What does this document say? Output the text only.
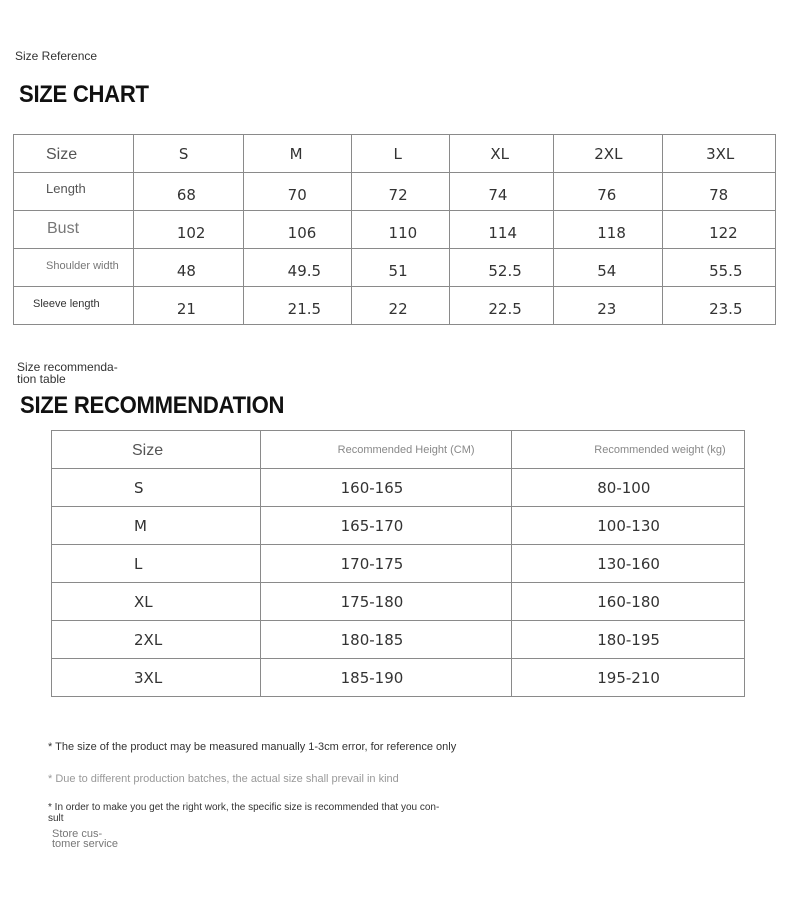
Size Reference
SIZE CHART
Size	S	M	L	XL	2XL	3XL
$^{Length}$	68	70	72	74	76	78
Bust	102	106	110	114	118	122
$^{Shoulder width}$	48	49.5	51	52.5	54	55.5
$^{Sleeve length}$	21	21.5	22	22.5	23	23.5
Size recommenda-
tion table
SIZE RECOMMENDATION
Size	Recommended Height (CM)	Recommended weight (kg)
S	160-165	80-100
M	165-170	100-130
L	170-175	130-160
XL	175-180	160-180
2XL	180-185	180-195
3XL	185-190	195-210
* The size of the product may be measured manually 1-3cm error, for reference only
* Due to different production batches, the actual size shall prevail in kind
* In order to make you get the right work, the specific size is recommended that you con-
sult
Store cus-
tomer service
